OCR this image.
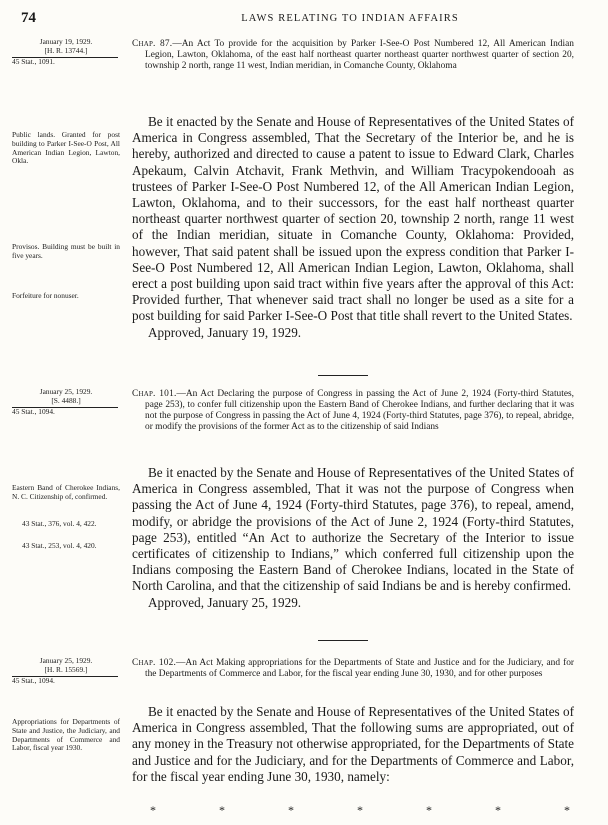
74	LAWS RELATING TO INDIAN AFFAIRS
January 19, 1929.
[H. R. 13744.]
45 Stat., 1091.

Public lands. Granted for post building to Parker I-See-O Post, All American Indian Legion, Lawton, Okla.

Provisos. Building must be built in five years.

Forfeiture for nonuser.

Chap. 87.—An Act To provide for the acquisition by Parker I-See-O Post Numbered 12, All American Indian Legion, Lawton, Oklahoma, of the east half northeast quarter northeast quarter northwest quarter of section 20, township 2 north, range 11 west, Indian meridian, in Comanche County, Oklahoma
Be it enacted by the Senate and House of Representatives of the United States of America in Congress assembled, That the Secretary of the Interior be, and he is hereby, authorized and directed to cause a patent to issue to Edward Clark, Charles Apekaum, Calvin Atchavit, Frank Methvin, and William Tracypokendooah as trustees of Parker I-See-O Post Numbered 12, of the All American Indian Legion, Lawton, Oklahoma, and to their successors, for the east half northeast quarter northeast quarter northwest quarter of section 20, township 2 north, range 11 west of the Indian meridian, situate in Comanche County, Oklahoma: Provided, however, That said patent shall be issued upon the express condition that Parker I-See-O Post Numbered 12, All American Indian Legion, Lawton, Oklahoma, shall erect a post building upon said tract within five years after the approval of this Act: Provided further, That whenever said tract shall no longer be used as a site for a post building for said Parker I-See-O Post that title shall revert to the United States.
Approved, January 19, 1929.
January 25, 1929.
[S. 4488.]
45 Stat., 1094.

Eastern Band of Cherokee Indians, N. C. Citizenship of, confirmed.

43 Stat., 376, vol. 4, 422.

43 Stat., 253, vol. 4, 420.

Chap. 101.—An Act Declaring the purpose of Congress in passing the Act of June 2, 1924 (Forty-third Statutes, page 253), to confer full citizenship upon the Eastern Band of Cherokee Indians, and further declaring that it was not the purpose of Congress in passing the Act of June 4, 1924 (Forty-third Statutes, page 376), to repeal, abridge, or modify the provisions of the former Act as to the citizenship of said Indians
Be it enacted by the Senate and House of Representatives of the United States of America in Congress assembled, That it was not the purpose of Congress when passing the Act of June 4, 1924 (Forty-third Statutes, page 376), to repeal, amend, modify, or abridge the provisions of the Act of June 2, 1924 (Forty-third Statutes, page 253), entitled “An Act to authorize the Secretary of the Interior to issue certificates of citizenship to Indians,” which conferred full citizenship upon the Indians composing the Eastern Band of Cherokee Indians, located in the State of North Carolina, and that the citizenship of said Indians be and is hereby confirmed.
Approved, January 25, 1929.
January 25, 1929.
[H. R. 15569.]
45 Stat., 1094.

Appropriations for Departments of State and Justice, the Judiciary, and Departments of Commerce and Labor, fiscal year 1930.

Chap. 102.—An Act Making appropriations for the Departments of State and Justice and for the Judiciary, and for the Departments of Commerce and Labor, for the fiscal year ending June 30, 1930, and for other purposes
Be it enacted by the Senate and House of Representatives of the United States of America in Congress assembled, That the following sums are appropriated, out of any money in the Treasury not otherwise appropriated, for the Departments of State and Justice and for the Judiciary, and for the Departments of Commerce and Labor, for the fiscal year ending June 30, 1930, namely:
*	*	*	*	*	*	*
